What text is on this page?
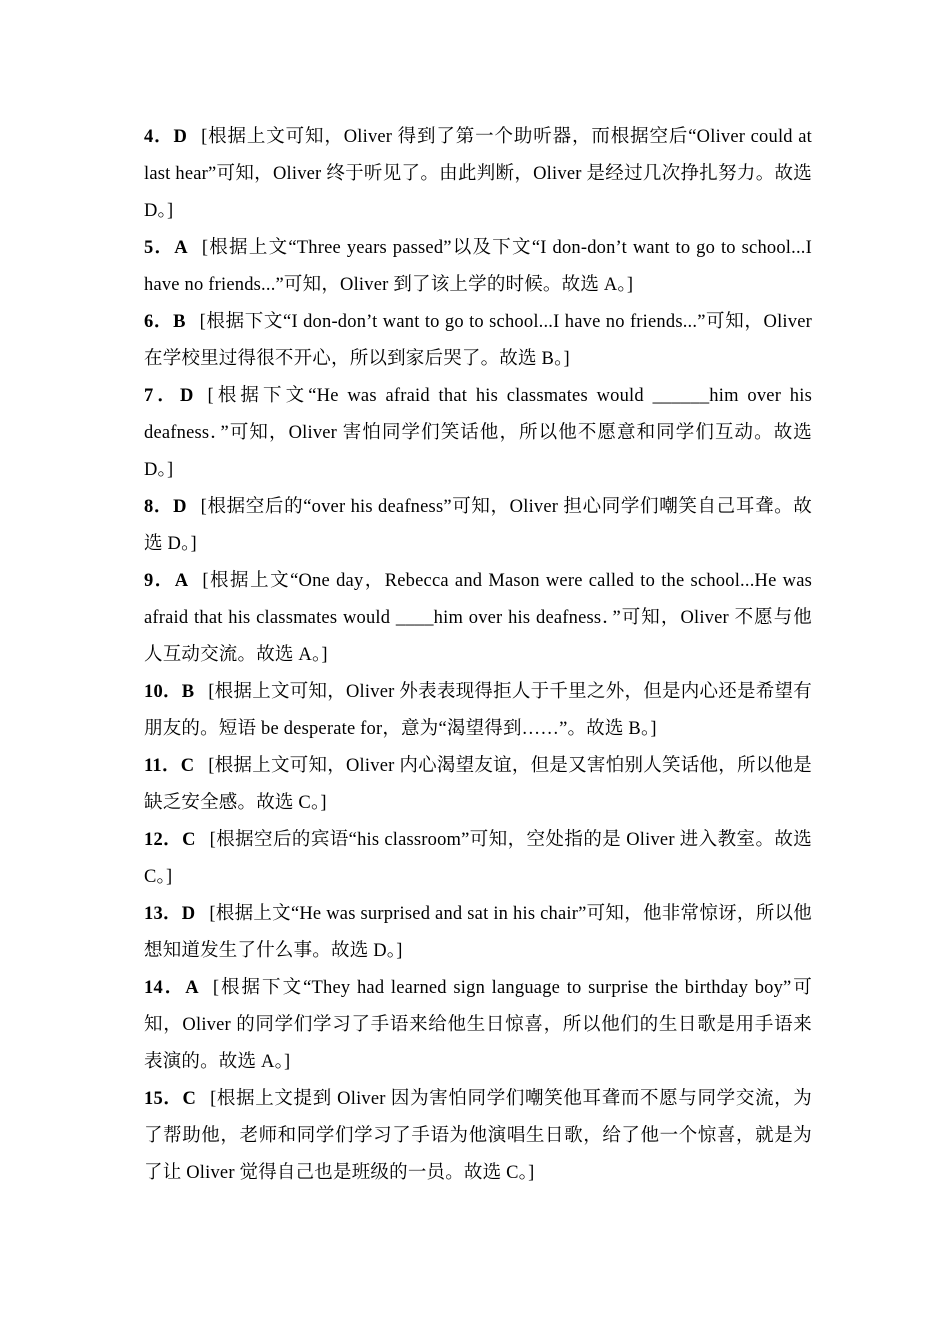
4．D [根据上文可知，Oliver 得到了第一个助听器，而根据空后“Oliver could at last hear”可知，Oliver 终于听见了。由此判断，Oliver 是经过几次挣扎努力。故选 D。]

5．A [根据上文“Three years passed”以及下文“I don-don’t want to go to school...I have no friends...”可知，Oliver 到了该上学的时候。故选 A。]

6．B [根据下文“I don-don’t want to go to school...I have no friends...”可知，Oliver 在学校里过得很不开心，所以到家后哭了。故选 B。]

7．D [根据下文“He was afraid that his classmates would ______him over his deafness．”可知，Oliver 害怕同学们笑话他，所以他不愿意和同学们互动。故选 D。]

8．D [根据空后的“over his deafness”可知，Oliver 担心同学们嘲笑自己耳聋。故选 D。]

9．A [根据上文“One day，Rebecca and Mason were called to the school...He was afraid that his classmates would ____him over his deafness．”可知，Oliver 不愿与他人互动交流。故选 A。]

10．B [根据上文可知，Oliver 外表表现得拒人于千里之外，但是内心还是希望有朋友的。短语 be desperate for，意为“渴望得到……”。故选 B。]

11．C [根据上文可知，Oliver 内心渴望友谊，但是又害怕别人笑话他，所以他是缺乏安全感。故选 C。]

12．C [根据空后的宾语“his classroom”可知，空处指的是 Oliver 进入教室。故选 C。]

13．D [根据上文“He was surprised and sat in his chair”可知，他非常惊讶，所以他想知道发生了什么事。故选 D。]

14．A [根据下文“They had learned sign language to surprise the birthday boy”可知，Oliver 的同学们学习了手语来给他生日惊喜，所以他们的生日歌是用手语来表演的。故选 A。]

15．C [根据上文提到 Oliver 因为害怕同学们嘲笑他耳聋而不愿与同学交流，为了帮助他，老师和同学们学习了手语为他演唱生日歌，给了他一个惊喜，就是为了让 Oliver 觉得自己也是班级的一员。故选 C。]
